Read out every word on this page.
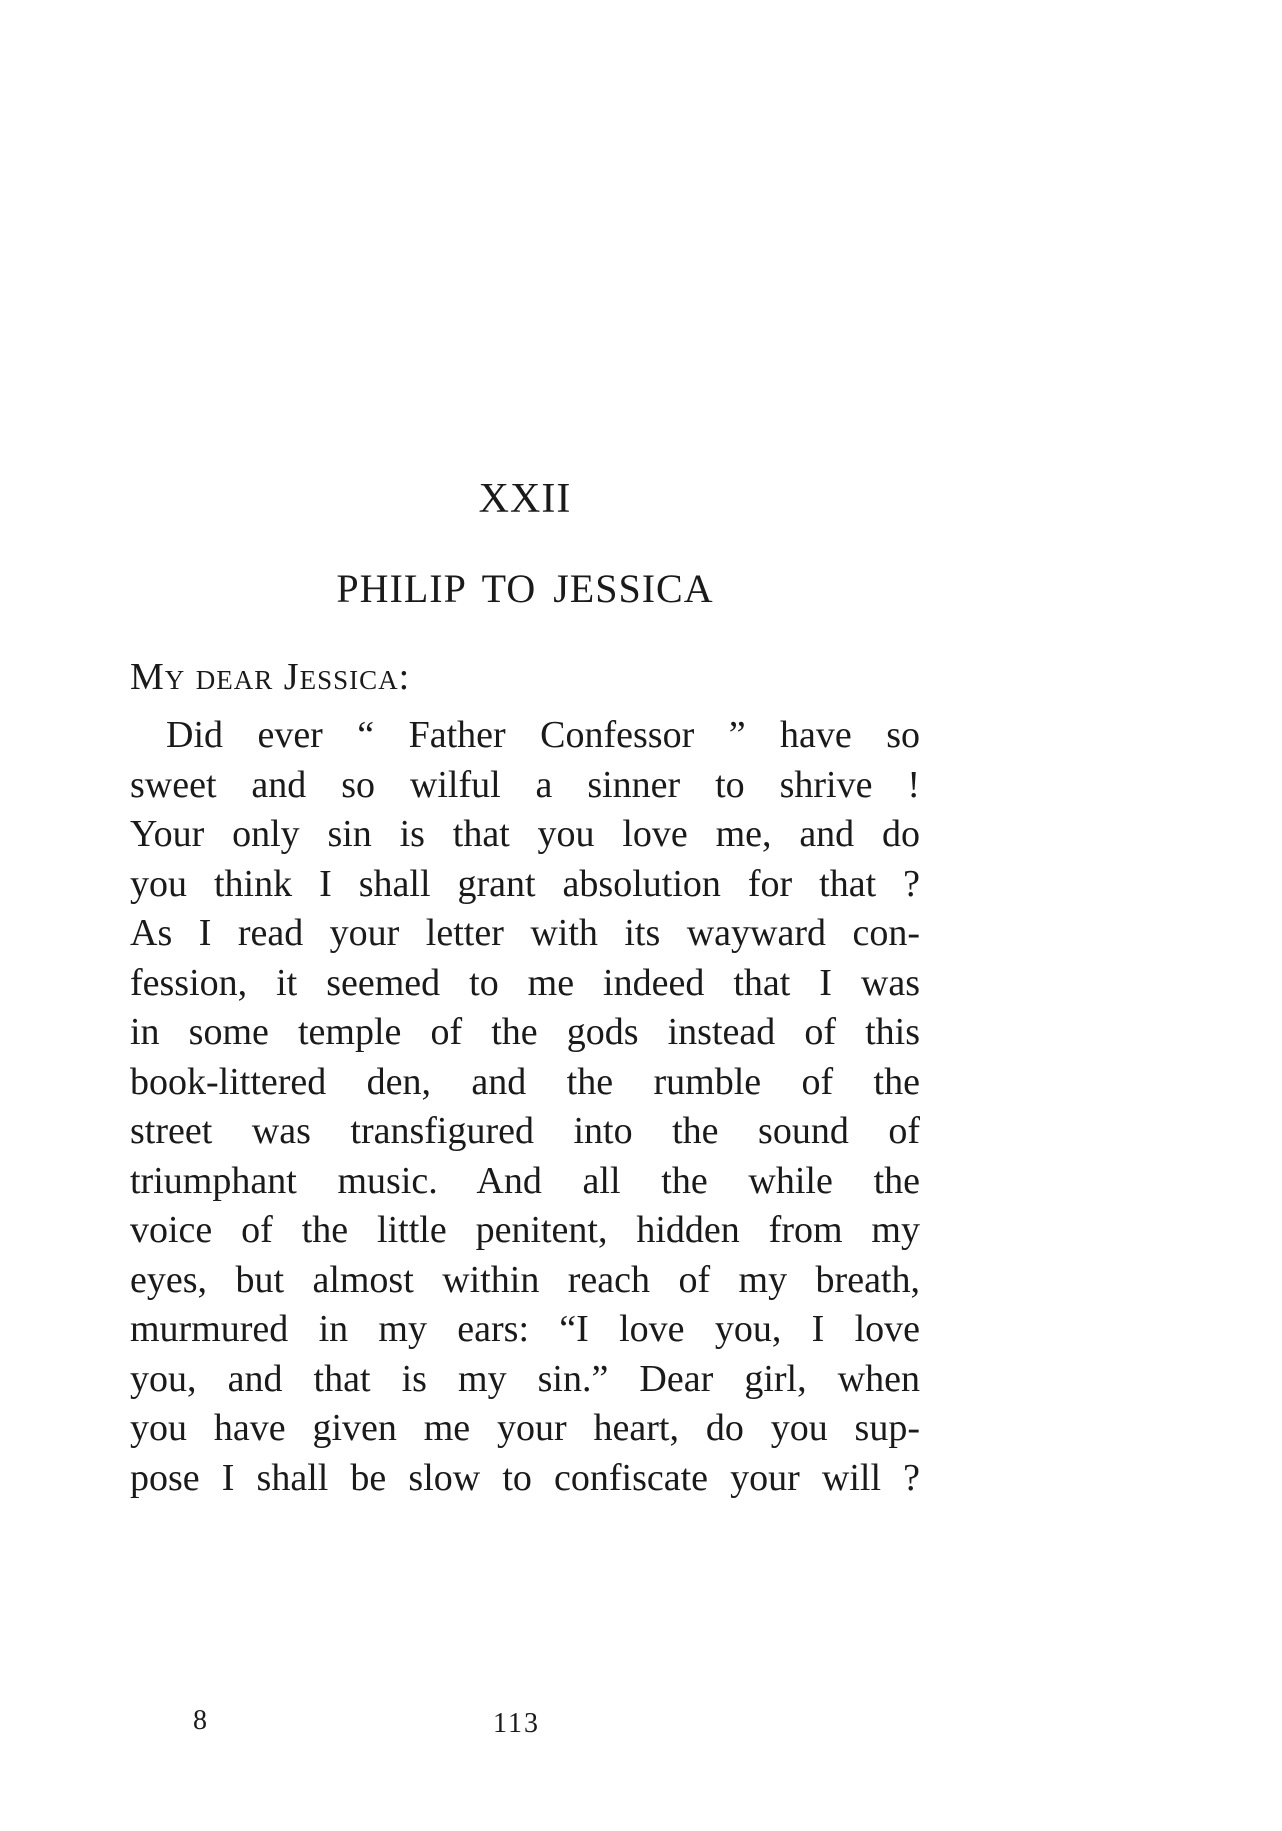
XXII
PHILIP TO JESSICA
My dear Jessica:
Did ever “ Father Confessor ” have so
sweet and so wilful a sinner to shrive !
Your only sin is that you love me, and do
you think I shall grant absolution for that ?
As I read your letter with its wayward con-
fession, it seemed to me indeed that I was
in some temple of the gods instead of this
book-littered den, and the rumble of the
street was transfigured into the sound of
triumphant music. And all the while the
voice of the little penitent, hidden from my
eyes, but almost within reach of my breath,
murmured in my ears: “I love you, I love
you, and that is my sin.” Dear girl, when
you have given me your heart, do you sup-
pose I shall be slow to confiscate your will ?
8	113
